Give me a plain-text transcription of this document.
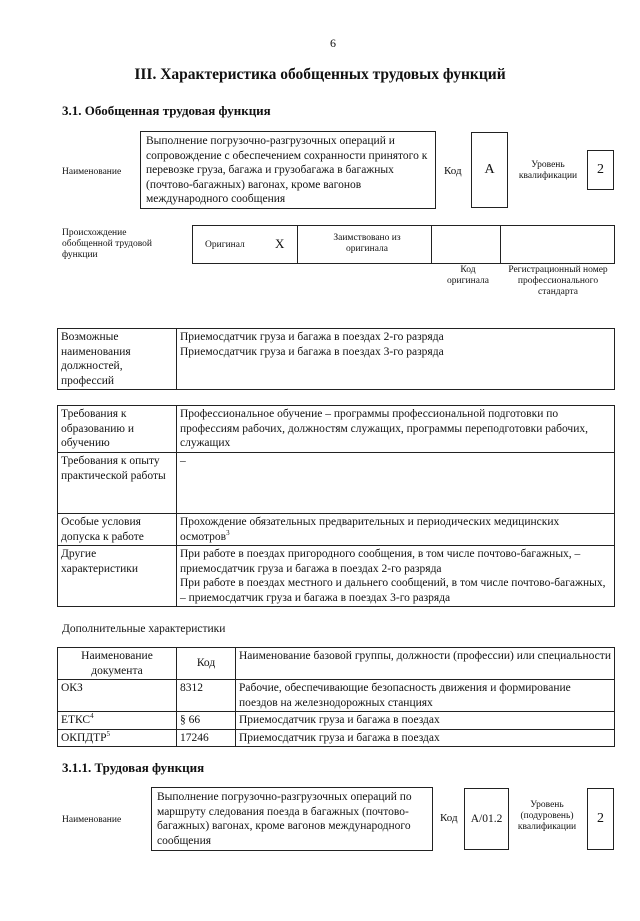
6
III. Характеристика обобщенных трудовых функций
3.1. Обобщенная трудовая функция
Наименование
Выполнение погрузочно-разгрузочных операций и сопровождение с обеспечением сохранности принятого к перевозке груза, багажа и грузобагажа в багажных (почтово-багажных) вагонах, кроме вагонов международного сообщения
Код А	Уровень квалификации	2
Происхождение обобщенной трудовой функции
Оригинал X	Заимствовано из оригинала
Код оригинала
Регистрационный номер профессионального стандарта
Возможные наименования должностей, профессий	
Приемосдатчик груза и багажа в поездах 2-го разряда
Приемосдатчик груза и багажа в поездах 3-го разряда
Требования к образованию и обучению	Профессиональное обучение – программы профессиональной подготовки по профессиям рабочих, должностям служащих, программы переподготовки рабочих, служащих
Требования к опыту практической работы	–
Особые условия допуска к работе	Прохождение обязательных предварительных и периодических медицинских осмотров$^3$
Другие характеристики	При работе в поездах пригородного сообщения, в том числе почтово-багажных, – приемосдатчик груза и багажа в поездах 2-го разряда
При работе в поездах местного и дальнего сообщений, в том числе почтово-багажных, – приемосдатчик груза и багажа в поездах 3-го разряда
Дополнительные характеристики
Наименование документа	Код	Наименование базовой группы, должности (профессии) или специальности
ОКЗ	8312	Рабочие, обеспечивающие безопасность движения и формирование поездов на железнодорожных станциях
ЕТКС$^4$	§ 66	Приемосдатчик груза и багажа в поездах
ОКПДТР$^5$	17246	Приемосдатчик груза и багажа в поездах
3.1.1. Трудовая функция
Наименование
Выполнение погрузочно-разгрузочных операций по маршруту следования поезда в багажных (почтово-багажных) вагонах, кроме вагонов международного сообщения
Код А/01.2
Уровень (подуровень) квалификации
2
